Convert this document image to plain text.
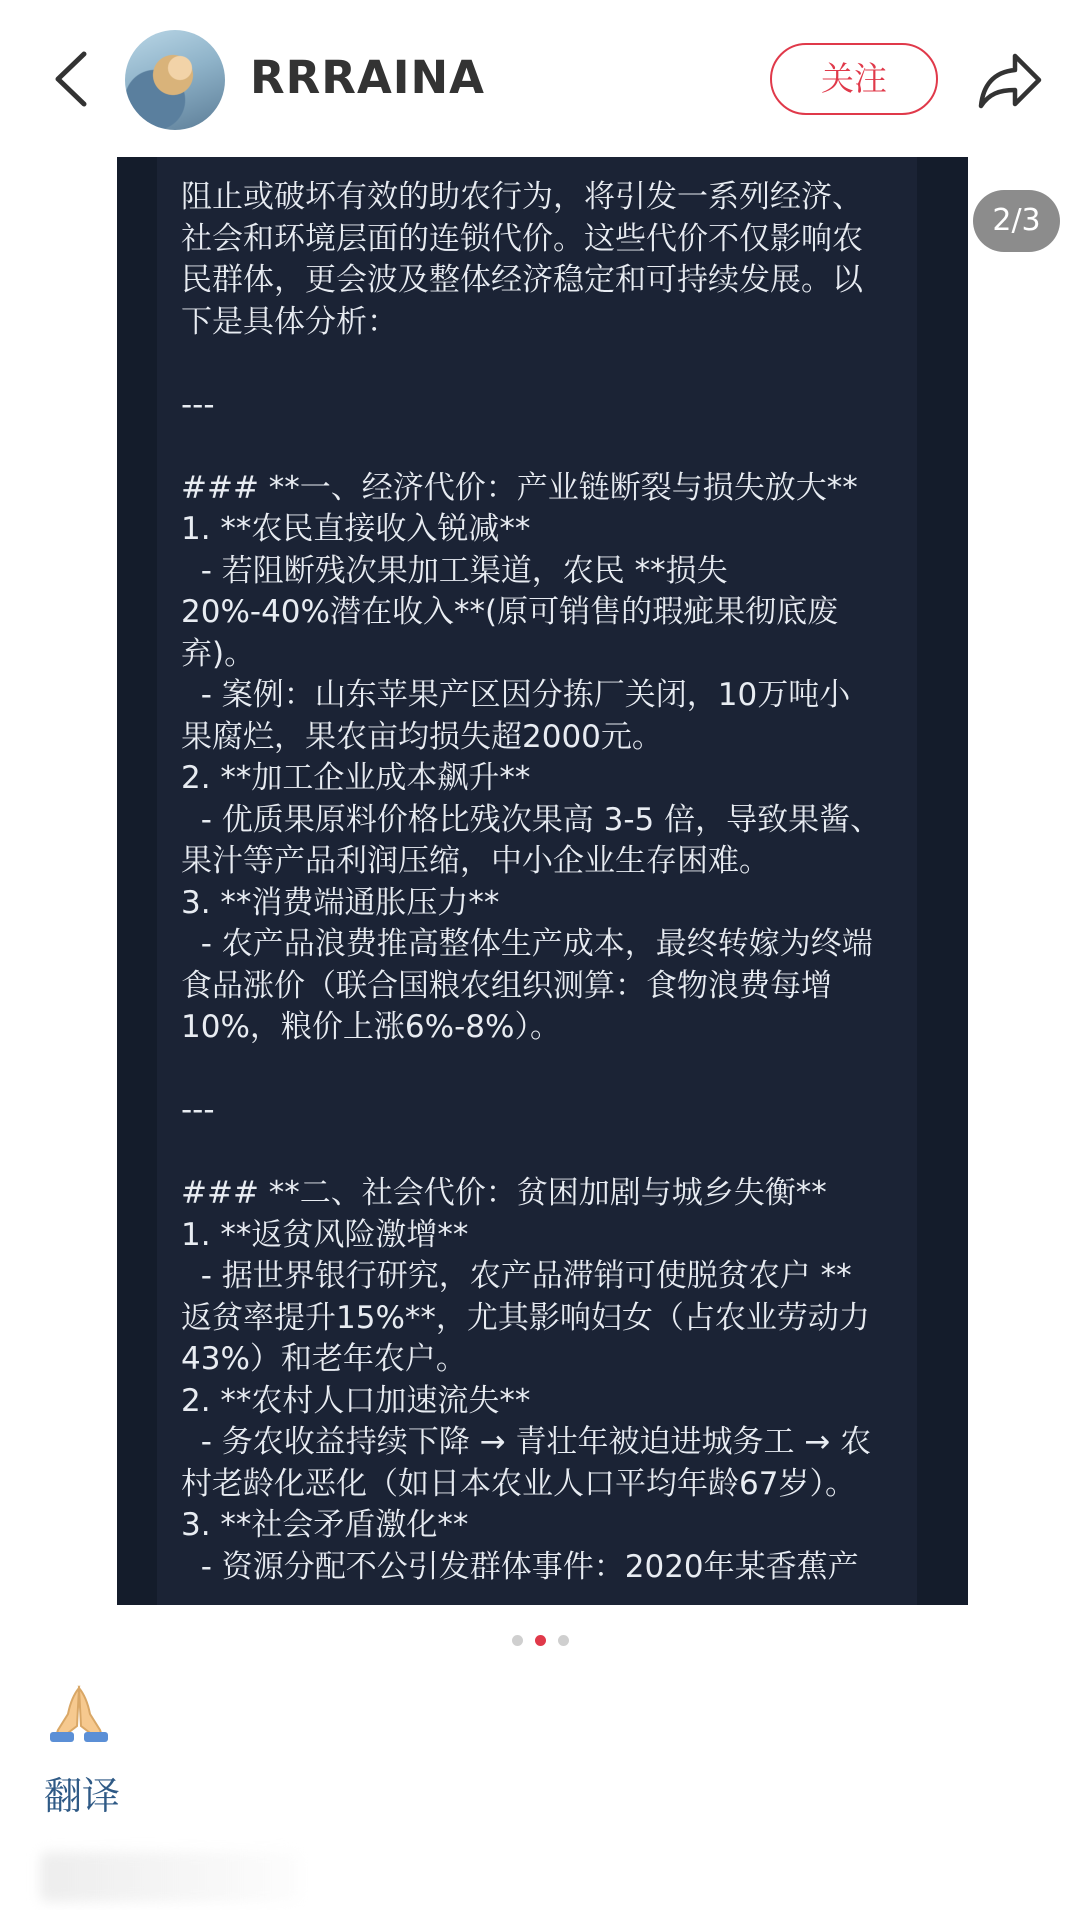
RRRAINA	关注
阻止或破坏有效的助农行为，将引发一系列经济、
社会和环境层面的连锁代价。这些代价不仅影响农
民群体，更会波及整体经济稳定和可持续发展。以
下是具体分析：

---

### **一、经济代价：产业链断裂与损失放大**
1. **农民直接收入锐减**
- 若阻断残次果加工渠道，农民 **损失
20%-40%潜在收入**(原可销售的瑕疵果彻底废
弃)。
- 案例：山东苹果产区因分拣厂关闭，10万吨小
果腐烂，果农亩均损失超2000元。
2. **加工企业成本飙升**
- 优质果原料价格比残次果高 3-5 倍，导致果酱、
果汁等产品利润压缩，中小企业生存困难。
3. **消费端通胀压力**
- 农产品浪费推高整体生产成本，最终转嫁为终端
食品涨价（联合国粮农组织测算：食物浪费每增
10%，粮价上涨6%-8%）。

---

### **二、社会代价：贫困加剧与城乡失衡**
1. **返贫风险激增**
- 据世界银行研究，农产品滞销可使脱贫农户 **
返贫率提升15%**，尤其影响妇女（占农业劳动力
43%）和老年农户。
2. **农村人口加速流失**
- 务农收益持续下降 → 青壮年被迫进城务工 → 农
村老龄化恶化（如日本农业人口平均年龄67岁）。
3. **社会矛盾激化**
- 资源分配不公引发群体事件：2020年某香蕉产
2/3
翻译
